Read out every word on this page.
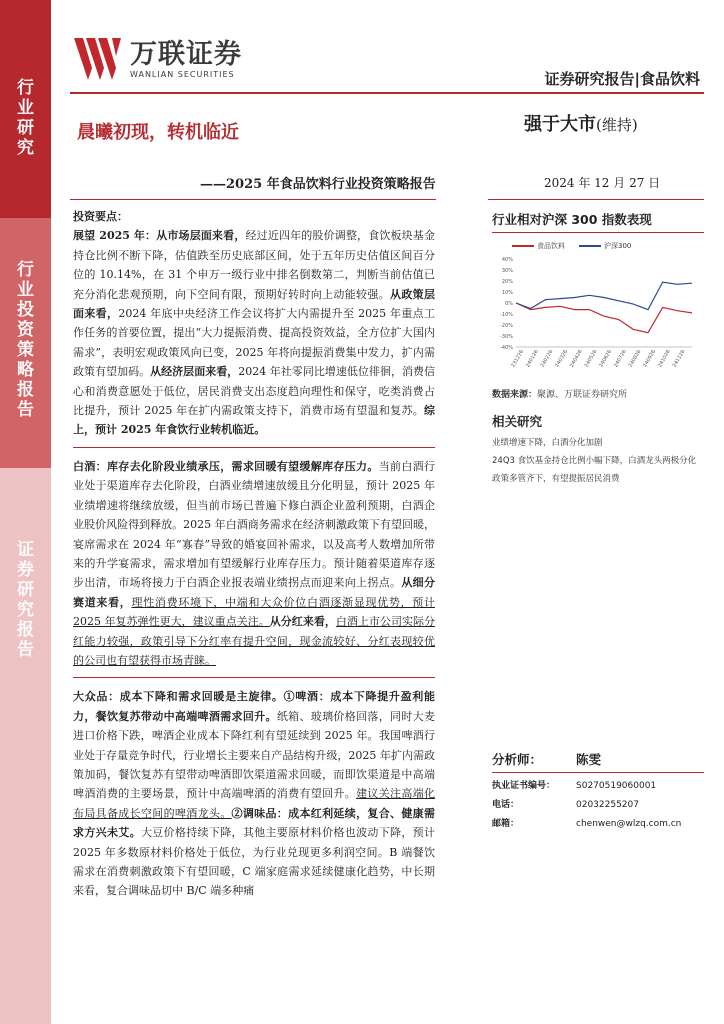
行
业
研
究
行
业
投
资
策
略
报
告
证
券
研
究
报
告
万联证券
WANLIAN SECURITIES	证券研究报告|食品饮料
晨曦初现，转机临近	强于大市(维持)
——2025 年食品饮料行业投资策略报告	2024 年 12 月 27 日

投资要点：

展望 2025 年：从市场层面来看，经过近四年的股价调整，食饮板块基金持仓比例不断下降，估值跌至历史底部区间，处于五年历史估值区间百分位的 10.14%，在 31 个申万一级行业中排名倒数第二，判断当前估值已充分消化悲观预期，向下空间有限，预期好转时向上动能较强。从政策层面来看，2024 年底中央经济工作会议将扩大内需提升至 2025 年重点工作任务的首要位置，提出“大力提振消费、提高投资效益，全方位扩大国内需求”，表明宏观政策风向已变，2025 年将向提振消费集中发力，扩内需政策有望加码。从经济层面来看，2024 年社零同比增速低位徘徊，消费信心和消费意愿处于低位，居民消费支出态度趋向理性和保守，吃类消费占比提升，预计 2025 年在扩内需政策支持下，消费市场有望温和复苏。综上，预计 2025 年食饮行业转机临近。

白酒：库存去化阶段业绩承压，需求回暖有望缓解库存压力。当前白酒行业处于渠道库存去化阶段，白酒业绩增速放缓且分化明显，预计 2025 年业绩增速将继续放缓，但当前市场已普遍下修白酒企业盈利预期，白酒企业股价风险得到释放。2025 年白酒商务需求在经济刺激政策下有望回暖，宴席需求在 2024 年“寡春”导致的婚宴回补需求，以及高考人数增加所带来的升学宴需求，需求增加有望缓解行业库存压力。预计随着渠道库存逐步出清，市场将接力于白酒企业报表端业绩拐点而迎来向上拐点。从细分赛道来看，理性消费环境下，中端和大众价位白酒逐渐显现优势，预计 2025 年复苏弹性更大，建议重点关注。从分红来看，白酒上市公司实际分红能力较强，政策引导下分红率有提升空间，现金流较好、分红表现较优的公司也有望获得市场青睐。

大众品：成本下降和需求回暖是主旋律。①啤酒：成本下降提升盈利能力，餐饮复苏带动中高端啤酒需求回升。纸箱、玻璃价格回落，同时大麦进口价格下跌，啤酒企业成本下降红利有望延续到 2025 年。我国啤酒行业处于存量竞争时代，行业增长主要来自产品结构升级，2025 年扩内需政策加码，餐饮复苏有望带动啤酒即饮渠道需求回暖，而即饮渠道是中高端啤酒消费的主要场景，预计中高端啤酒的消费有望回升。建议关注高端化布局具备成长空间的啤酒龙头。②调味品：成本红利延续，复合、健康需求方兴未艾。大豆价格持续下降，其他主要原材料价格也波动下降，预计 2025 年多数原材料价格处于低位，为行业兑现更多利润空间。B 端餐饮需求在消费刺激政策下有望回暖，C 端家庭需求延续健康化趋势，中长期来看，复合调味品切中 B/C 端多种痛

行业相对沪深 300 指数表现
食品饮料	沪深300
40%
30%
20%
10%
0%
-10%
-20%
-30%
-40%
231226 240126 240226 240326 240426 240526 240626 240726 240826 240926 241026 241126
数据来源：聚源、万联证券研究所
相关研究
业绩增速下降，白酒分化加剧
24Q3 食饮基金持仓比例小幅下降，白酒龙头两极分化
政策多管齐下，有望提振居民消费
分析师：	陈雯
执业证书编号：	S0270519060001
电话：	02032255207
邮箱：	chenwen@wlzq.com.cn
